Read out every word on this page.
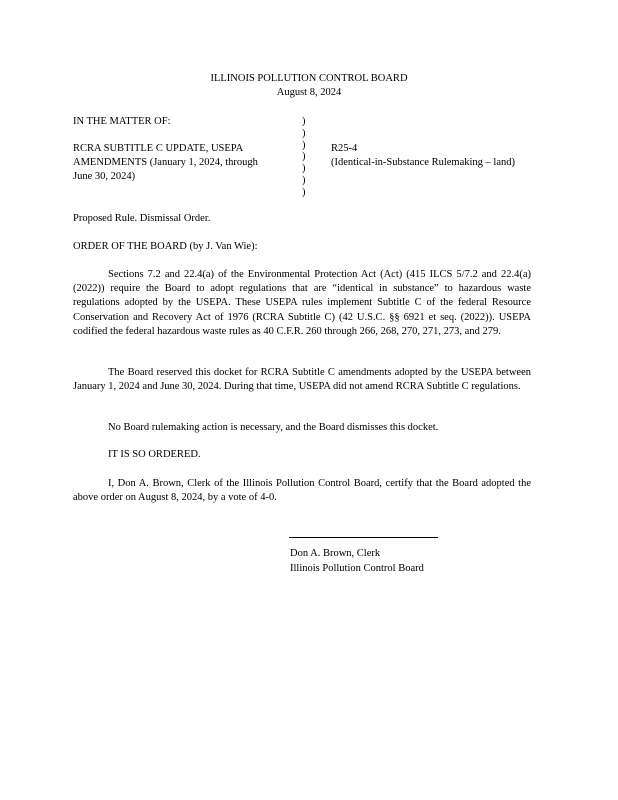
ILLINOIS POLLUTION CONTROL BOARD
August 8, 2024
IN THE MATTER OF:	)
)
)
)
)
)
)
RCRA SUBTITLE C UPDATE, USEPA
AMENDMENTS (January 1, 2024, through
June 30, 2024)
R25-4
(Identical-in-Substance Rulemaking – land)
Proposed Rule. Dismissal Order.
ORDER OF THE BOARD (by J. Van Wie):
Sections 7.2 and 22.4(a) of the Environmental Protection Act (Act) (415 ILCS 5/7.2 and 22.4(a) (2022)) require the Board to adopt regulations that are “identical in substance” to hazardous waste regulations adopted by the USEPA. These USEPA rules implement Subtitle C of the federal Resource Conservation and Recovery Act of 1976 (RCRA Subtitle C) (42 U.S.C. §§ 6921 et seq. (2022)). USEPA codified the federal hazardous waste rules as 40 C.F.R. 260 through 266, 268, 270, 271, 273, and 279.
The Board reserved this docket for RCRA Subtitle C amendments adopted by the USEPA between January 1, 2024 and June 30, 2024. During that time, USEPA did not amend RCRA Subtitle C regulations.
No Board rulemaking action is necessary, and the Board dismisses this docket.
IT IS SO ORDERED.
I, Don A. Brown, Clerk of the Illinois Pollution Control Board, certify that the Board adopted the above order on August 8, 2024, by a vote of 4-0.
Don A. Brown, Clerk
Illinois Pollution Control Board
